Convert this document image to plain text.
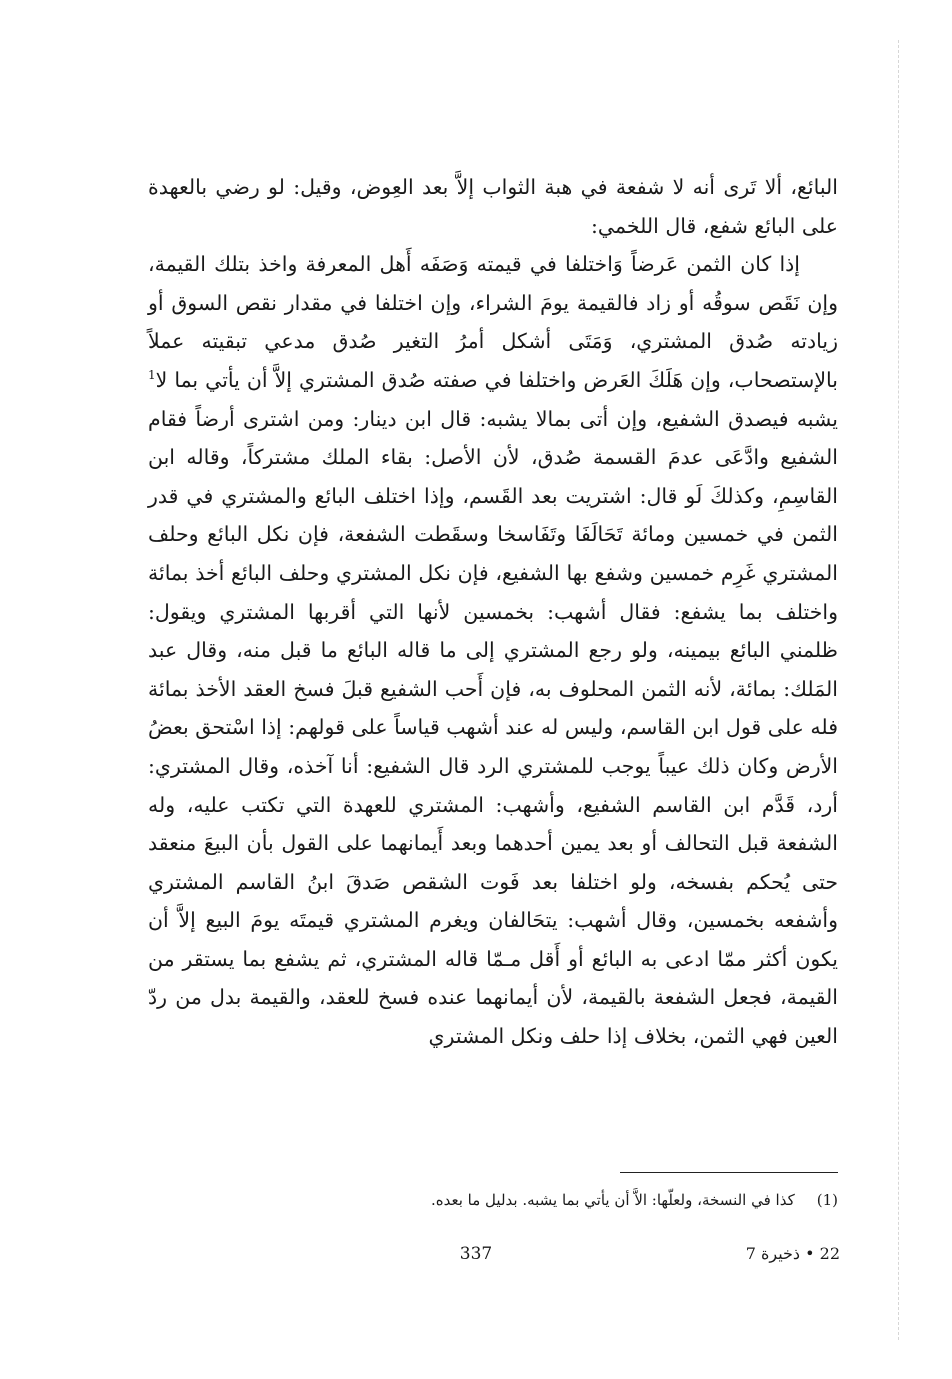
البائع، ألا تَرى أنه لا شفعة في هبة الثواب إلاَّ بعد العِوض، وقيل: لو رضي بالعهدة على البائع شفع، قال اللخمي:

إذا كان الثمن عَرضاً وَاختلفا في قيمته وَصَفَه أَهل المعرفة واخذ بتلك القيمة، وإن نَقَص سوقُه أو زاد فالقيمة يومَ الشراء، وإن اختلفا في مقدار نقص السوق أو زيادته صُدق المشتري، وَمَتَى أشكل أمرُ التغير صُدق مدعي تبقيته عملاً بالإستصحاب، وإن هَلَكَ العَرض واختلفا في صفته صُدق المشتري إلاَّ أن يأتي بما لا$^1$ يشبه فيصدق الشفيع، وإن أتى بمالا يشبه: قال ابن دينار: ومن اشترى أرضاً فقام الشفيع وادَّعَى عدمَ القسمة صُدق، لأن الأصل: بقاء الملك مشتركاً، وقاله ابن القاسِمِ، وكذلكَ لَو قال: اشتريت بعد القَسم، وإذا اختلف البائع والمشتري في قدر الثمن في خمسين ومائة تَحَالَفَا وتَفَاسخا وسقَطت الشفعة، فإن نكل البائع وحلف المشتري غَرِم خمسين وشفع بها الشفيع، فإن نكل المشتري وحلف البائع أخذ بمائة واختلف بما يشفع: فقال أشهب: بخمسين لأنها التي أقربها المشتري ويقول: ظلمني البائع بيمينه، ولو رجع المشتري إلى ما قاله البائع ما قبل منه، وقال عبد المَلك: بمائة، لأنه الثمن المحلوف به، فإن أَحب الشفيع قبلَ فسخ العقد الأخذ بمائة فله على قول ابن القاسم، وليس له عند أشهب قياساً على قولهم: إذا اسْتحق بعضُ الأرض وكان ذلك عيباً يوجب للمشتري الرد قال الشفيع: أنا آخذه، وقال المشتري: أرد، قَدَّم ابن القاسم الشفيع، وأشهب: المشتري للعهدة التي تكتب عليه، وله الشفعة قبل التحالف أو بعد يمين أحدهما وبعد أَيمانهما على القول بأن البيعَ منعقد حتى يُحكم بفسخه، ولو اختلفا بعد فَوت الشقص صَدقَ ابنُ القاسم المشتري وأشفعه بخمسين، وقال أشهب: يتحَالفان ويغرم المشتري قيمتَه يومَ البيع إلاَّ أن يكون أكثر ممّا ادعى به البائع أو أَقل مـمّا قاله المشتري، ثم يشفع بما يستقر من القيمة، فجعل الشفعة بالقيمة، لأن أيمانهما عنده فسخ للعقد، والقيمة بدل من ردّ العين فهي الثمن، بخلاف إذا حلف ونكل المشتري

(1)كذا في النسخة، ولعلّها: الاَّ أن يأتي بما يشبه. بدليل ما بعده.
337	22 • ذخيرة 7
